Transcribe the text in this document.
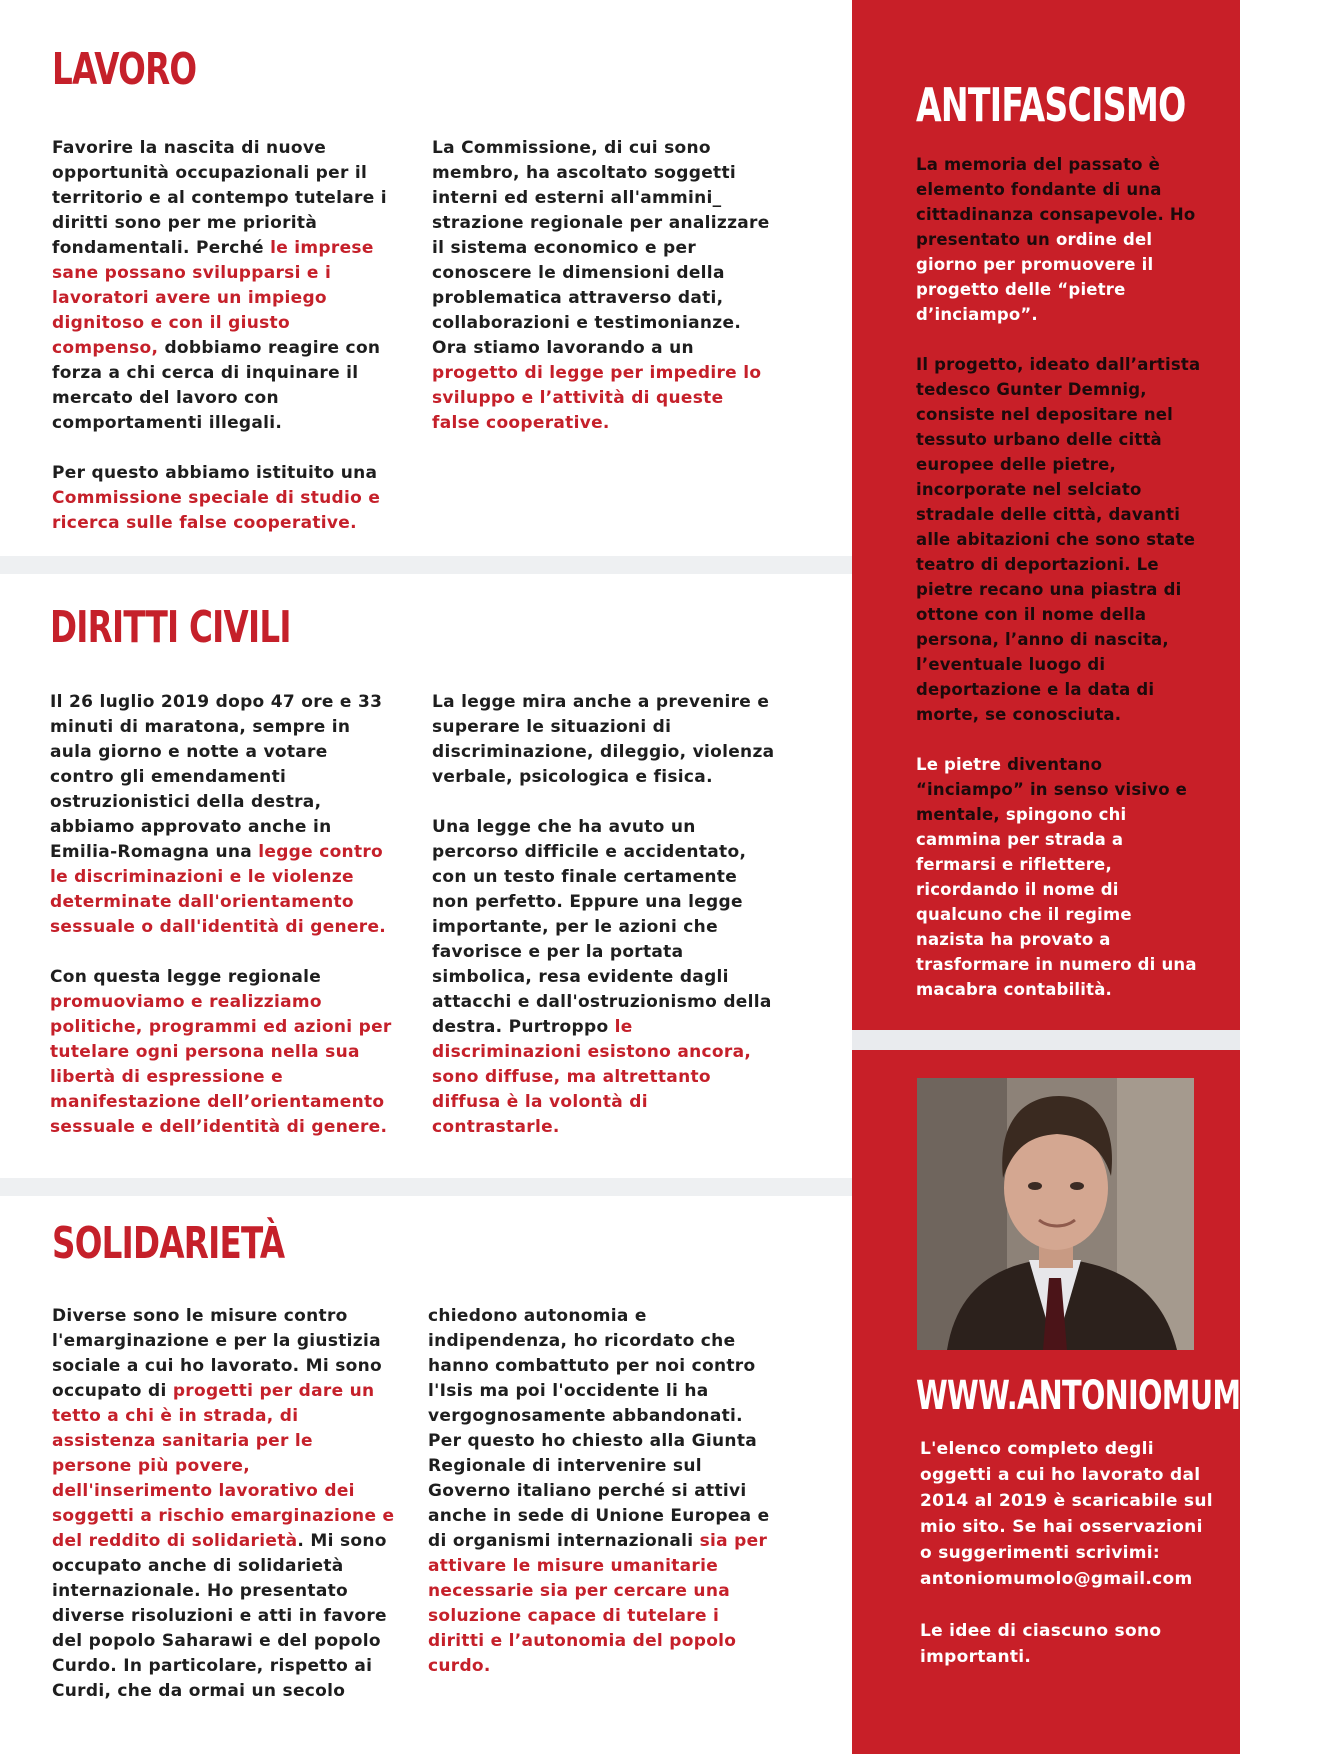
LAVORO

Favorire la nascita di nuove opportunità occupazionali per il territorio e al contempo tutelare i diritti sono per me priorità fondamentali. Perché le imprese sane possano svilupparsi e i lavoratori avere un impiego dignitoso e con il giusto compenso, dobbiamo reagire con forza a chi cerca di inquinare il mercato del lavoro con comportamenti illegali.

Per questo abbiamo istituito una Commissione speciale di studio e ricerca sulle false cooperative.

La Commissione, di cui sono membro, ha ascoltato soggetti interni ed esterni all'ammini_ strazione regionale per analizzare il sistema economico e per conoscere le dimensioni della problematica attraverso dati, collaborazioni e testimonianze. Ora stiamo lavorando a un progetto di legge per impedire lo sviluppo e l’attività di queste false cooperative.

DIRITTI CIVILI

Il 26 luglio 2019 dopo 47 ore e 33 minuti di maratona, sempre in aula giorno e notte a votare contro gli emendamenti ostruzionistici della destra, abbiamo approvato anche in Emilia-Romagna una legge contro le discriminazioni e le violenze determinate dall'orientamento sessuale o dall'identità di genere.

Con questa legge regionale promuoviamo e realizziamo politiche, programmi ed azioni per tutelare ogni persona nella sua libertà di espressione e manifestazione dell’orientamento sessuale e dell’identità di genere.

La legge mira anche a prevenire e superare le situazioni di discriminazione, dileggio, violenza verbale, psicologica e fisica.

Una legge che ha avuto un percorso difficile e accidentato, con un testo finale certamente non perfetto. Eppure una legge importante, per le azioni che favorisce e per la portata simbolica, resa evidente dagli attacchi e dall'ostruzionismo della destra. Purtroppo le discriminazioni esistono ancora, sono diffuse, ma altrettanto diffusa è la volontà di contrastarle.

SOLIDARIETÀ

Diverse sono le misure contro l'emarginazione e per la giustizia sociale a cui ho lavorato. Mi sono occupato di progetti per dare un tetto a chi è in strada, di assistenza sanitaria per le persone più povere, dell'inserimento lavorativo dei soggetti a rischio emarginazione e del reddito di solidarietà. Mi sono occupato anche di solidarietà internazionale. Ho presentato diverse risoluzioni e atti in favore del popolo Saharawi e del popolo Curdo. In particolare, rispetto ai Curdi, che da ormai un secolo

chiedono autonomia e indipendenza, ho ricordato che hanno combattuto per noi contro l'Isis ma poi l'occidente li ha vergognosamente abbandonati. Per questo ho chiesto alla Giunta Regionale di intervenire sul Governo italiano perché si attivi anche in sede di Unione Europea e di organismi internazionali sia per attivare le misure umanitarie necessarie sia per cercare una soluzione capace di tutelare i diritti e l’autonomia del popolo curdo.

ANTIFASCISMO

La memoria del passato è elemento fondante di una cittadinanza consapevole. Ho presentato un ordine del giorno per promuovere il progetto delle “pietre d’inciampo”.

Il progetto, ideato dall’artista tedesco Gunter Demnig, consiste nel depositare nel tessuto urbano delle città europee delle pietre, incorporate nel selciato stradale delle città, davanti alle abitazioni che sono state teatro di deportazioni. Le pietre recano una piastra di ottone con il nome della persona, l’anno di nascita, l’eventuale luogo di deportazione e la data di morte, se conosciuta.

Le pietre diventano “inciampo” in senso visivo e mentale, spingono chi cammina per strada a fermarsi e riflettere, ricordando il nome di qualcuno che il regime nazista ha provato a trasformare in numero di una macabra contabilità.

WWW.ANTONIOMUMOLO.IT

L'elenco completo degli oggetti a cui ho lavorato dal 2014 al 2019 è scaricabile sul mio sito. Se hai osservazioni o suggerimenti scrivimi:
antoniomumolo@gmail.com

Le idee di ciascuno sono importanti.
